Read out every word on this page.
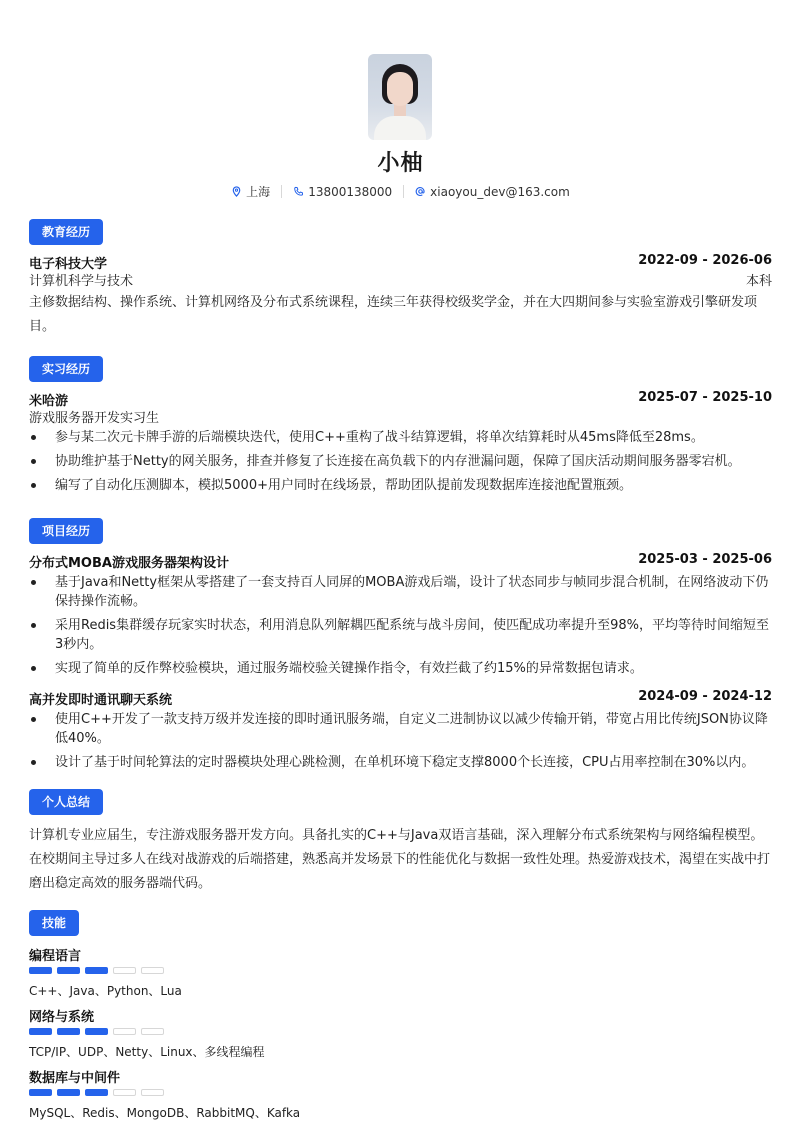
小柚
上海	13800138000	xiaoyou_dev@163.com
教育经历
电子科技大学	2022-09 - 2026-06
计算机科学与技术	本科
主修数据结构、操作系统、计算机网络及分布式系统课程，连续三年获得校级奖学金，并在大四期间参与实验室游戏引擎研发项目。
实习经历
米哈游	2025-07 - 2025-10
游戏服务器开发实习生
参与某二次元卡牌手游的后端模块迭代，使用C++重构了战斗结算逻辑，将单次结算耗时从45ms降低至28ms。
协助维护基于Netty的网关服务，排查并修复了长连接在高负载下的内存泄漏问题，保障了国庆活动期间服务器零宕机。
编写了自动化压测脚本，模拟5000+用户同时在线场景，帮助团队提前发现数据库连接池配置瓶颈。
项目经历
分布式MOBA游戏服务器架构设计	2025-03 - 2025-06
基于Java和Netty框架从零搭建了一套支持百人同屏的MOBA游戏后端，设计了状态同步与帧同步混合机制，在网络波动下仍保持操作流畅。
采用Redis集群缓存玩家实时状态，利用消息队列解耦匹配系统与战斗房间，使匹配成功率提升至98%，平均等待时间缩短至3秒内。
实现了简单的反作弊校验模块，通过服务端校验关键操作指令，有效拦截了约15%的异常数据包请求。
高并发即时通讯聊天系统	2024-09 - 2024-12
使用C++开发了一款支持万级并发连接的即时通讯服务端，自定义二进制协议以减少传输开销，带宽占用比传统JSON协议降低40%。
设计了基于时间轮算法的定时器模块处理心跳检测，在单机环境下稳定支撑8000个长连接，CPU占用率控制在30%以内。
个人总结
计算机专业应届生，专注游戏服务器开发方向。具备扎实的C++与Java双语言基础，深入理解分布式系统架构与网络编程模型。在校期间主导过多人在线对战游戏的后端搭建，熟悉高并发场景下的性能优化与数据一致性处理。热爱游戏技术，渴望在实战中打磨出稳定高效的服务器端代码。
技能
编程语言
C++、Java、Python、Lua
网络与系统
TCP/IP、UDP、Netty、Linux、多线程编程
数据库与中间件
MySQL、Redis、MongoDB、RabbitMQ、Kafka
